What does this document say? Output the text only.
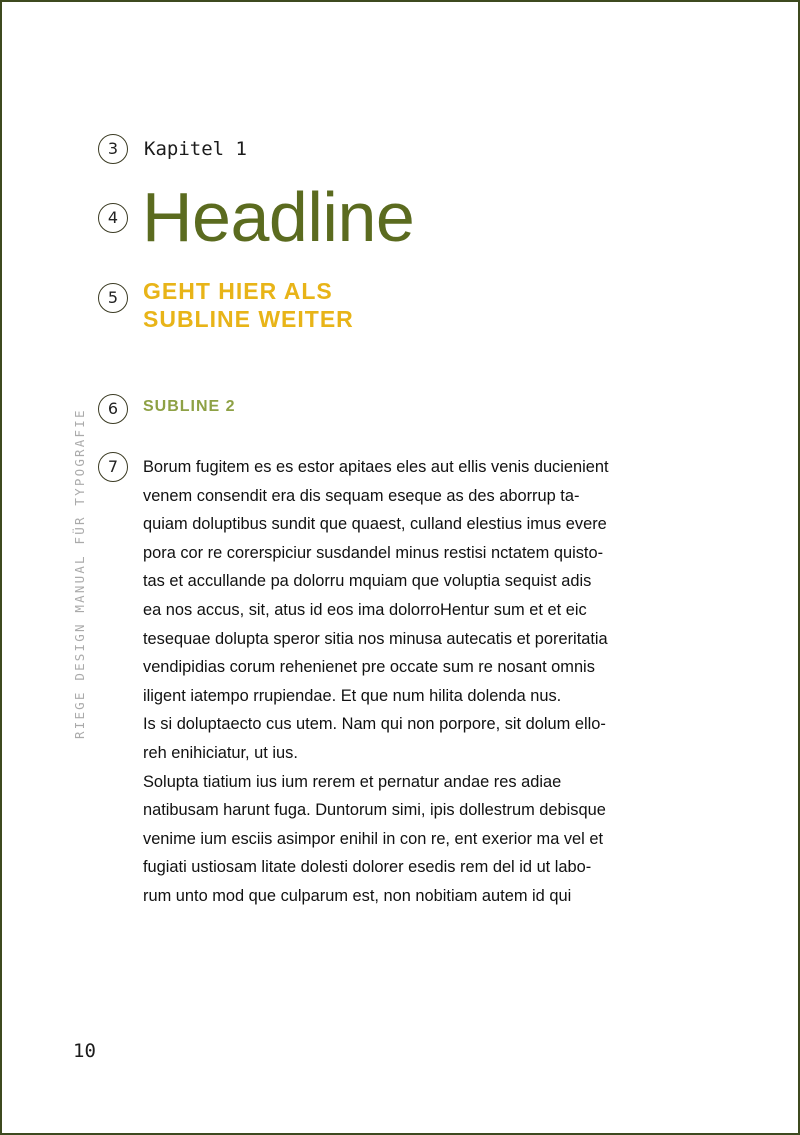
3
4
5
6
7
Kapitel 1
Headline
GEHT HIER ALS
SUBLINE WEITER
SUBLINE 2
Borum fugitem es es estor apitaes eles aut ellis venis ducienient
venem consendit era dis sequam eseque as des aborrup ta-
quiam doluptibus sundit que quaest, culland elestius imus evere
pora cor re corerspiciur susdandel minus restisi nctatem quisto-
tas et accullande pa dolorru mquiam que voluptia sequist adis
ea nos accus, sit, atus id eos ima dolorroHentur sum et et eic
tesequae dolupta speror sitia nos minusa autecatis et poreritatia
vendipidias corum rehenienet pre occate sum re nosant omnis
iligent iatempo rrupiendae. Et que num hilita dolenda nus.
Is si doluptaecto cus utem. Nam qui non porpore, sit dolum ello-
reh enihiciatur, ut ius.
Solupta tiatium ius ium rerem et pernatur andae res adiae
natibusam harunt fuga. Duntorum simi, ipis dollestrum debisque
venime ium esciis asimpor enihil in con re, ent exerior ma vel et
fugiati ustiosam litate dolesti dolorer esedis rem del id ut labo-
rum unto mod que culparum est, non nobitiam autem id qui
RIEGE DESIGN MANUAL FÜR TYPOGRAFIE
10
